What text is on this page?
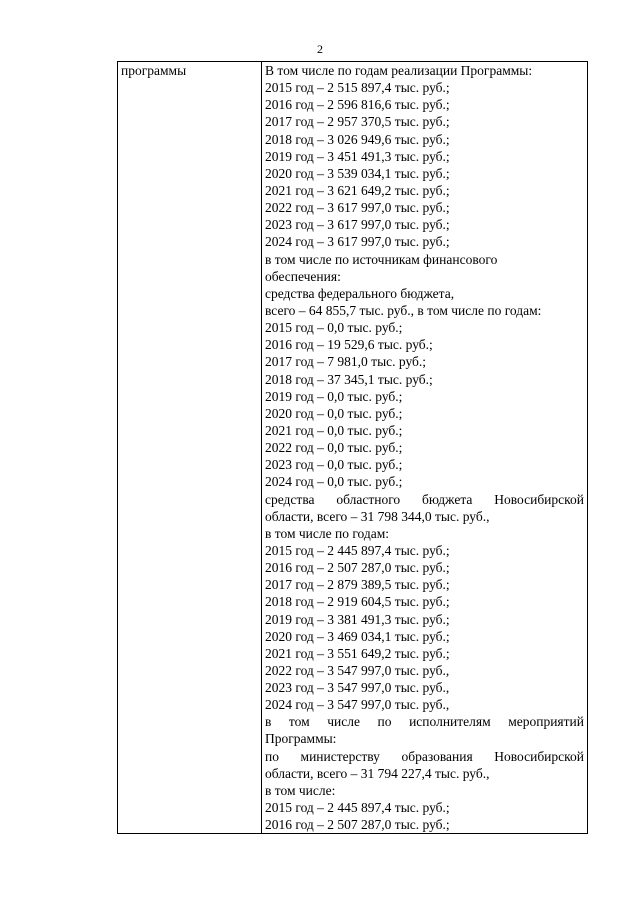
2
программы	В том числе по годам реализации Программы:
2015 год – 2 515 897,4 тыс. руб.;
2016 год – 2 596 816,6 тыс. руб.;
2017 год – 2 957 370,5 тыс. руб.;
2018 год – 3 026 949,6 тыс. руб.;
2019 год – 3 451 491,3 тыс. руб.;
2020 год – 3 539 034,1 тыс. руб.;
2021 год – 3 621 649,2 тыс. руб.;
2022 год – 3 617 997,0 тыс. руб.;
2023 год – 3 617 997,0 тыс. руб.;
2024 год – 3 617 997,0 тыс. руб.;
в том числе по источникам финансового
обеспечения:
средства федерального бюджета,
всего – 64 855,7 тыс. руб., в том числе по годам:
2015 год – 0,0 тыс. руб.;
2016 год – 19 529,6 тыс. руб.;
2017 год – 7 981,0 тыс. руб.;
2018 год – 37 345,1 тыс. руб.;
2019 год – 0,0 тыс. руб.;
2020 год – 0,0 тыс. руб.;
2021 год – 0,0 тыс. руб.;
2022 год – 0,0 тыс. руб.;
2023 год – 0,0 тыс. руб.;
2024 год – 0,0 тыс. руб.;
средства областного бюджета Новосибирской
области, всего – 31 798 344,0 тыс. руб.,
в том числе по годам:
2015 год – 2 445 897,4 тыс. руб.;
2016 год – 2 507 287,0 тыс. руб.;
2017 год – 2 879 389,5 тыс. руб.;
2018 год – 2 919 604,5 тыс. руб.;
2019 год – 3 381 491,3 тыс. руб.;
2020 год – 3 469 034,1 тыс. руб.;
2021 год – 3 551 649,2 тыс. руб.;
2022 год – 3 547 997,0 тыс. руб.,
2023 год – 3 547 997,0 тыс. руб.,
2024 год – 3 547 997,0 тыс. руб.,
в том числе по исполнителям мероприятий
Программы:
по министерству образования Новосибирской
области, всего – 31 794 227,4 тыс. руб.,
в том числе:
2015 год – 2 445 897,4 тыс. руб.;
2016 год – 2 507 287,0 тыс. руб.;
